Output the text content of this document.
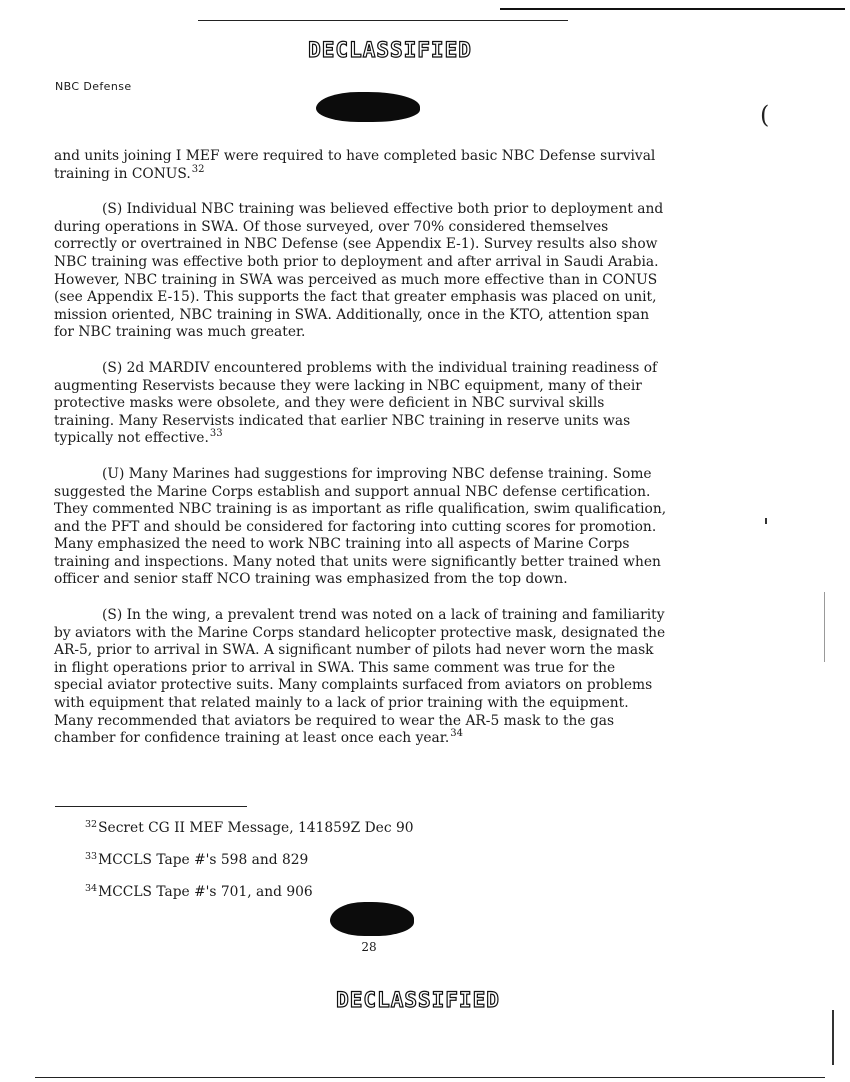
DECLASSIFIED
NBC Defense
(

and units joining I MEF were required to have completed basic NBC Defense survival training in CONUS.$^{32}$

(S) Individual NBC training was believed effective both prior to deployment and during operations in SWA. Of those surveyed, over 70% considered themselves correctly or overtrained in NBC Defense (see Appendix E-1). Survey results also show NBC training was effective both prior to deployment and after arrival in Saudi Arabia. However, NBC training in SWA was perceived as much more effective than in CONUS (see Appendix E-15). This supports the fact that greater emphasis was placed on unit, mission oriented, NBC training in SWA. Additionally, once in the KTO, attention span for NBC training was much greater.

(S) 2d MARDIV encountered problems with the individual training readiness of augmenting Reservists because they were lacking in NBC equipment, many of their protective masks were obsolete, and they were deficient in NBC survival skills training. Many Reservists indicated that earlier NBC training in reserve units was typically not effective.$^{33}$

(U) Many Marines had suggestions for improving NBC defense training. Some suggested the Marine Corps establish and support annual NBC defense certification. They commented NBC training is as important as rifle qualification, swim qualification, and the PFT and should be considered for factoring into cutting scores for promotion. Many emphasized the need to work NBC training into all aspects of Marine Corps training and inspections. Many noted that units were significantly better trained when officer and senior staff NCO training was emphasized from the top down.

(S) In the wing, a prevalent trend was noted on a lack of training and familiarity by aviators with the Marine Corps standard helicopter protective mask, designated the AR-5, prior to arrival in SWA. A significant number of pilots had never worn the mask in flight operations prior to arrival in SWA. This same comment was true for the special aviator protective suits. Many complaints surfaced from aviators on problems with equipment that related mainly to a lack of prior training with the equipment. Many recommended that aviators be required to wear the AR-5 mask to the gas chamber for confidence training at least once each year.$^{34}$

$^{32}$Secret CG II MEF Message, 141859Z Dec 90
$^{33}$MCCLS Tape #'s 598 and 829
$^{34}$MCCLS Tape #'s 701, and 906
28
DECLASSIFIED
